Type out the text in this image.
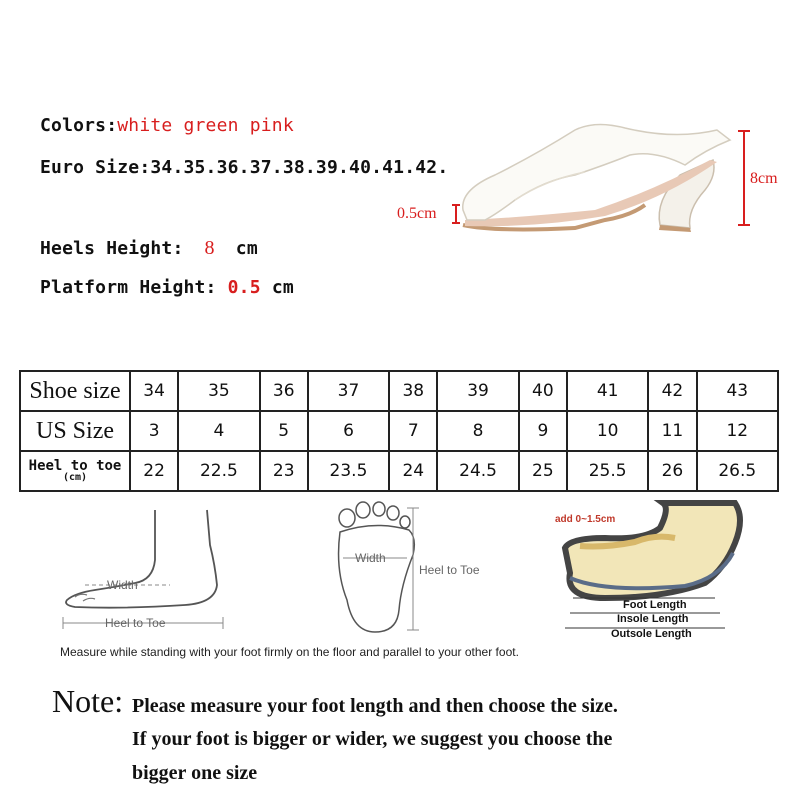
Colors:white green pink
Euro Size:34.35.36.37.38.39.40.41.42.
Heels Height: 8 cm
Platform Height: 0.5 cm
8cm
0.5cm
Shoe size	34	35	36	37	38	39	40	41	42	43
US Size	3	4	5	6	7	8	9	10	11	12
Heel to toe
(cm)	22	22.5	23	23.5	24	24.5	25	25.5	26	26.5
Width
Heel to Toe
Width
Heel to Toe
add 0~1.5cm
Foot Length
Insole Length
Outsole Length
Measure while standing with your foot firmly on the floor and parallel to your other foot.
Note: Please measure your foot length and then choose the size.
If your foot is bigger or wider, we suggest you choose the
bigger one size
